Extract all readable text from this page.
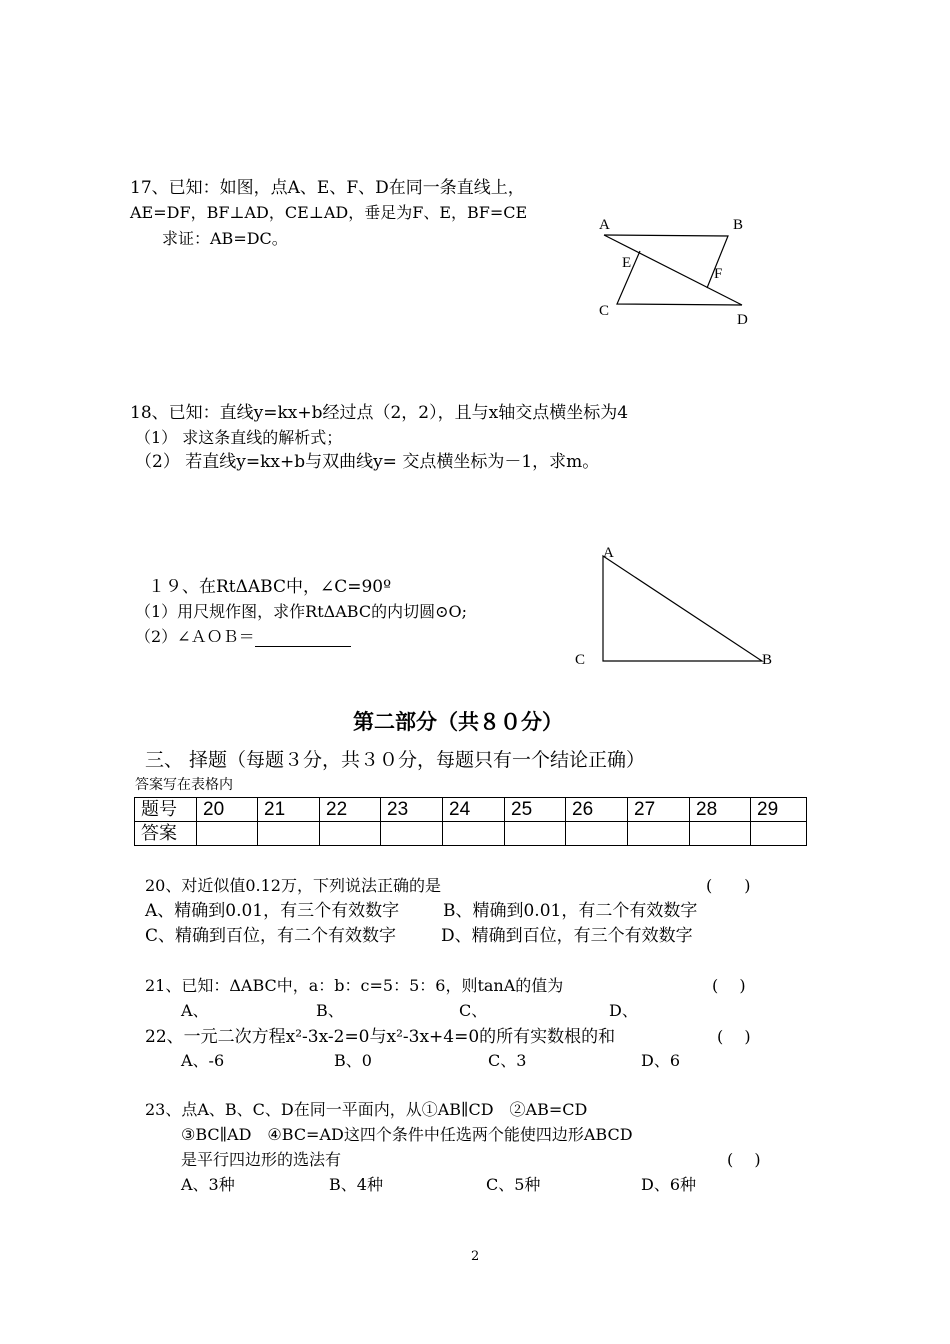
17、已知：如图，点A、E、F、D在同一条直线上，
AE=DF，BF⊥AD，CE⊥AD，垂足为F、E，BF=CE
求证：AB=DC。
A	B
E
F
C
D
18、已知：直线y=kx+b经过点（2，2），且与x轴交点横坐标为4
（1） 求这条直线的解析式；
（2） 若直线y=kx+b与双曲线y= 交点横坐标为－1，求m。
１９、在RtΔABC中，∠C=90º
（1）用尺规作图，求作RtΔABC的内切圆⊙O;
（2）∠ＡＯＢ＝
A
C	B
第二部分（共８０分）
三、 择题（每题３分，共３０分，每题只有一个结论正确）
答案写在表格内
题号	20	21	22	23	24	25	26	27	28	29
答案										
20、对近似值0.12万，下列说法正确的是	(　　)
A、精确到0.01，有三个有效数字	B、精确到0.01，有二个有效数字
C、精确到百位，有二个有效数字	D、精确到百位，有三个有效数字
21、已知：ΔABC中，a：b：c=5：5：6，则tanA的值为	(　 )
A、	B、	C、	D、
22、一元二次方程x²-3x-2=0与x²-3x+4=0的所有实数根的和	(　 )
A、-6	B、0	C、3	D、6
23、点A、B、C、D在同一平面内，从①AB∥CD　②AB=CD
③BC∥AD　④BC=AD这四个条件中任选两个能使四边形ABCD
是平行四边形的选法有	(　 )
A、3种	B、4种	C、5种	D、6种
2
